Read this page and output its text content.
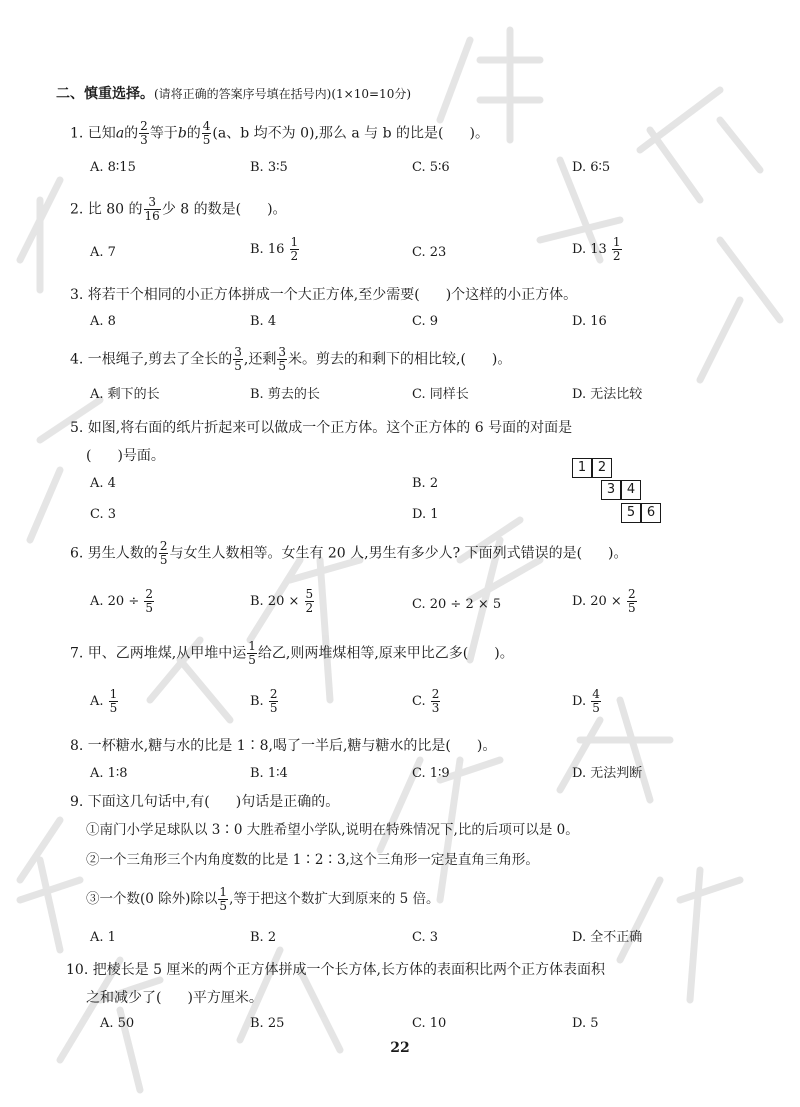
二、慎重选择。(请将正确的答案序号填在括号内)(1×10=10分)
1. 已知a的 $\frac{2}{3}$ 等于b的 $\frac{4}{5} (a$、b 均不为 0),那么 a 与 b 的比是( )。
A. 8∶15	B. 3∶5	C. 5∶6	D. 6∶5
2. 比 80 的 $\frac{3}{16}$ 少 8 的数是( )。
A. 7	B. $16 \frac{1}{2}$	C. 23	D. $13 \frac{1}{2}$
3. 将若干个相同的小正方体拼成一个大正方体,至少需要( )个这样的小正方体。
A. 8	B. 4	C. 9	D. 16
4. 一根绳子,剪去了全长的 $\frac{3}{5}$ ,还剩 $\frac{3}{5}$ 米。剪去的和剩下的相比较,( )。
A. 剩下的长	B. 剪去的长	C. 同样长	D. 无法比较
5. 如图,将右面的纸片折起来可以做成一个正方体。这个正方体的 6 号面的对面是
( )号面。
A. 4	B. 2
C. 3	D. 1
1 2
3 4
5 6
6. 男生人数的 $\frac{2}{5}$ 与女生人数相等。女生有 20 人,男生有多少人? 下面列式错误的是( )。
A. $20 \div \frac{2}{5}$	B. $20 \times \frac{5}{2}$	C. 20 ÷ 2 × 5	D. $20 \times \frac{2}{5}$
7. 甲、乙两堆煤,从甲堆中运 $\frac{1}{5}$ 给乙,则两堆煤相等,原来甲比乙多( )。
A. $\frac{1}{5}$	B. $\frac{2}{5}$	C. $\frac{2}{3}$	D. $\frac{4}{5}$
8. 一杯糖水,糖与水的比是 1∶8,喝了一半后,糖与糖水的比是( )。
A. 1∶8	B. 1∶4	C. 1∶9	D. 无法判断
9. 下面这几句话中,有( )句话是正确的。
①南门小学足球队以 3∶0 大胜希望小学队,说明在特殊情况下,比的后项可以是 0。
②一个三角形三个内角度数的比是 1∶2∶3,这个三角形一定是直角三角形。
③一个数(0 除外)除以 $\frac{1}{5}$ ,等于把这个数扩大到原来的 5 倍。
A. 1	B. 2	C. 3	D. 全不正确
10. 把棱长是 5 厘米的两个正方体拼成一个长方体,长方体的表面积比两个正方体表面积
之和减少了( )平方厘米。
A. 50	B. 25	C. 10	D. 5
22
